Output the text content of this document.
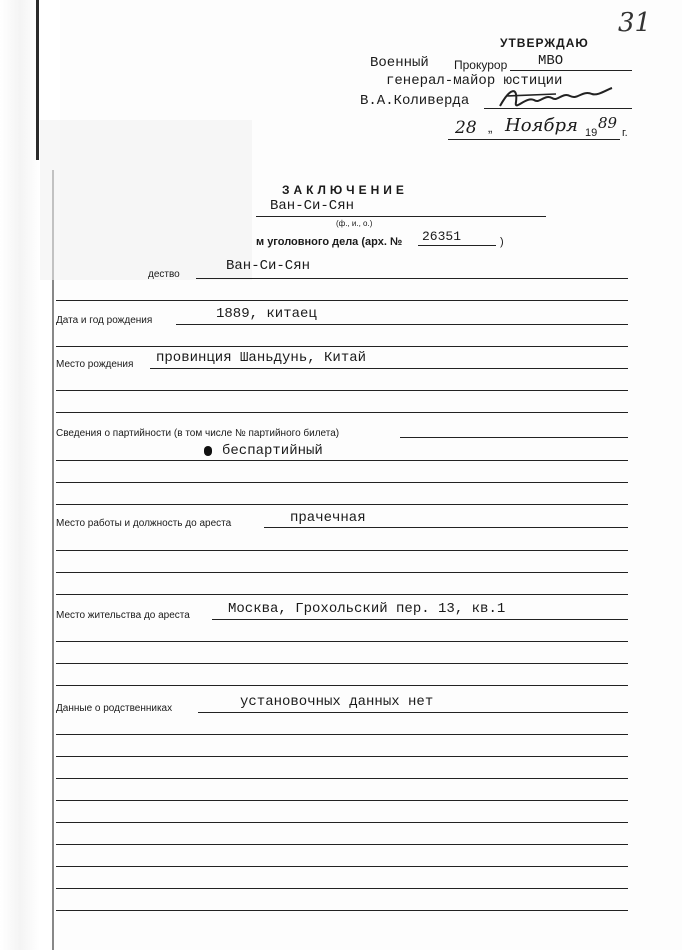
31
УТВЕРЖДАЮ
Военный Прокурор МВО
генерал-майор юстиции
В.А.Коливерда
28 „ Ноября 19
89
г.
ЗАКЛЮЧЕНИЕ
Ван-Си-Сян
(ф., и., о.)
м уголовного дела (арх. № 26351	)
дество
Ван-Си-Сян
Дата и год рождения	1889, китаец
Место рождения провинция Шаньдунь, Китай
Сведения о партийности (в том числе № партийного билета)
беспартийный
Место работы и должность до ареста	прачечная
Место жительства до ареста	Москва, Грохольский пер. 13, кв.1
Данные о родственниках	установочных данных нет
